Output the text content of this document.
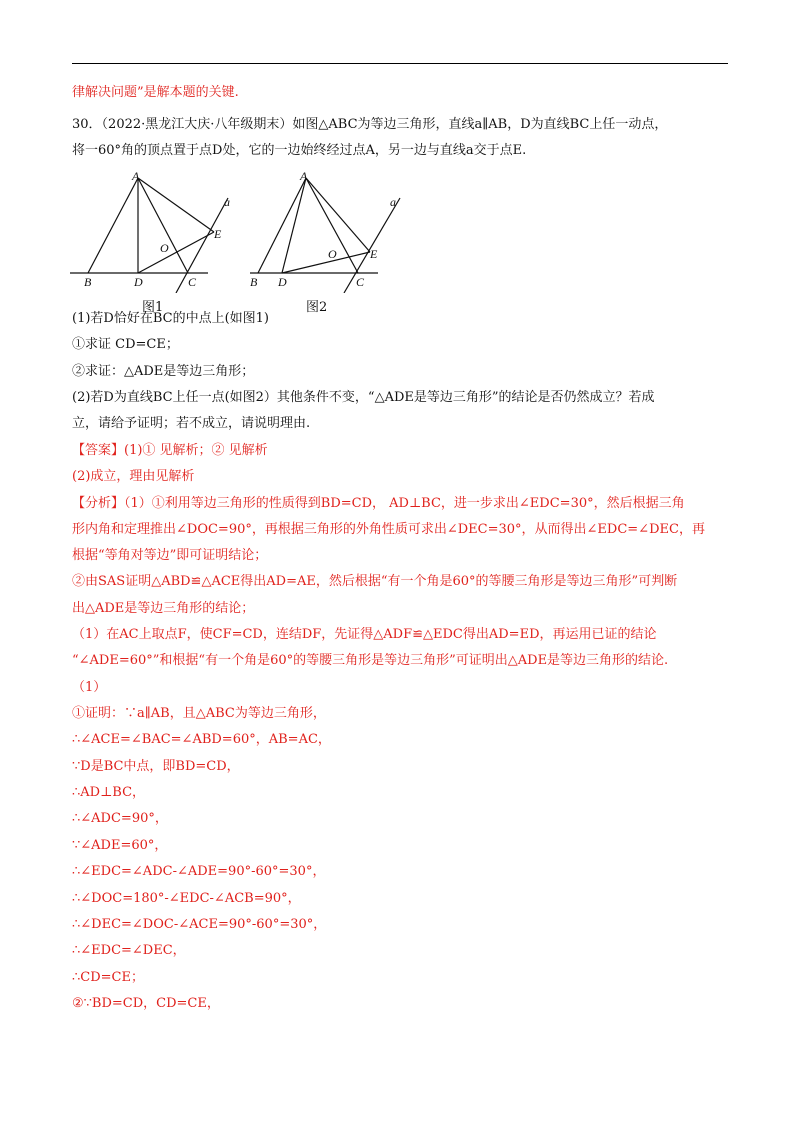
律解决问题”是解本题的关键.
30．（2022·黑龙江大庆·八年级期末）如图△ABC为等边三角形，直线a∥AB，D为直线BC上任一动点，
将一60°角的顶点置于点D处，它的一边始终经过点A，另一边与直线a交于点E.
(1)若D恰好在BC的中点上(如图1)
①求证 CD=CE；
②求证：△ADE是等边三角形；
(2)若D为直线BC上任一点(如图2）其他条件不变，“△ADE是等边三角形”的结论是否仍然成立？若成
立，请给予证明；若不成立，请说明理由.
【答案】(1)① 见解析；② 见解析
(2)成立，理由见解析
【分析】（1）①利用等边三角形的性质得到BD=CD， AD⊥BC，进一步求出∠EDC=30°，然后根据三角
形内角和定理推出∠DOC=90°，再根据三角形的外角性质可求出∠DEC=30°，从而得出∠EDC=∠DEC，再
根据“等角对等边”即可证明结论；
②由SAS证明△ABD≌△ACE得出AD=AE，然后根据“有一个角是60°的等腰三角形是等边三角形”可判断
出△ADE是等边三角形的结论；
（1）在AC上取点F，使CF=CD，连结DF，先证得△ADF≌△EDC得出AD=ED，再运用已证的结论
“∠ADE=60°”和根据“有一个角是60°的等腰三角形是等边三角形”可证明出△ADE是等边三角形的结论.
（1）
①证明：∵a∥AB，且△ABC为等边三角形，
∴∠ACE=∠BAC=∠ABD=60°，AB=AC，
∵D是BC中点，即BD=CD，
∴AD⊥BC，
∴∠ADC=90°，
∵∠ADE=60°，
∴∠EDC=∠ADC-∠ADE=90°-60°=30°，
∴∠DOC=180°-∠EDC-∠ACB=90°，
∴∠DEC=∠DOC-∠ACE=90°-60°=30°，
∴∠EDC=∠DEC，
∴CD=CE；
②∵BD=CD，CD=CE，
A
B	D	C
O
E
a
图1
A
B D	C
O	E
a
图2
